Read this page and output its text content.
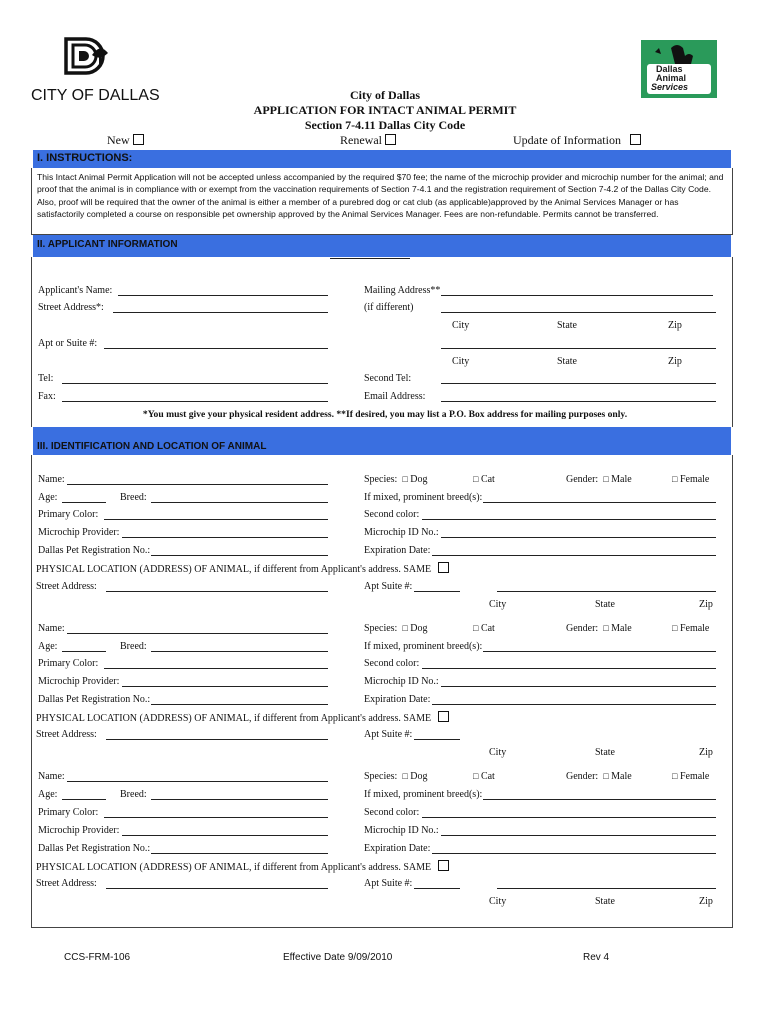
CITY OF DALLAS
Dallas
Animal
Services
City of Dallas
APPLICATION FOR INTACT ANIMAL PERMIT
Section 7-4.11 Dallas City Code
New	Renewal	Update of Information
I. INSTRUCTIONS:
This Intact Animal Permit Application will not be accepted unless accompanied by the required $70 fee; the name of the microchip provider and microchip number for the animal; and proof that the animal is in compliance with or exempt from the vaccination requirements of Section 7-4.1 and the registration requirement of Section 7-4.2 of the Dallas City Code. Also, proof will be required that the owner of the animal is either a member of a purebred dog or cat club (as applicable)approved by the Animal Services Manager or has satisfactorily completed a course on responsible pet ownership approved by the Animal Services Manager. Fees are non-refundable. Permits cannot be transferred.
II. APPLICANT INFORMATION
Applicant's Name:	Mailing Address**
Street Address*:	(if different)
City	State	Zip
Apt or Suite #:
City	State	Zip
Tel:	Second Tel:
Fax:	Email Address:
*You must give your physical resident address. **If desired, you may list a P.O. Box address for mailing purposes only.
III. IDENTIFICATION AND LOCATION OF ANIMAL
Name:	Species: □ Dog	□ Cat	Gender: □ Male	□ Female
Age:	Breed:	If mixed, prominent breed(s):
Primary Color:	Second color:
Microchip Provider:	Microchip ID No.:
Dallas Pet Registration No.:	Expiration Date:
PHYSICAL LOCATION (ADDRESS) OF ANIMAL, if different from Applicant's address. SAME
Street Address:	Apt Suite #:
City	State	Zip
Name:	Species: □ Dog	□ Cat	Gender: □ Male	□ Female
Age:	Breed:	If mixed, prominent breed(s):
Primary Color:	Second color:
Microchip Provider:	Microchip ID No.:
Dallas Pet Registration No.:	Expiration Date:
PHYSICAL LOCATION (ADDRESS) OF ANIMAL, if different from Applicant's address. SAME
Street Address:	Apt Suite #:
City	State	Zip
Name:	Species: □ Dog	□ Cat	Gender: □ Male	□ Female
Age:	Breed:	If mixed, prominent breed(s):
Primary Color:	Second color:
Microchip Provider:	Microchip ID No.:
Dallas Pet Registration No.:	Expiration Date:
PHYSICAL LOCATION (ADDRESS) OF ANIMAL, if different from Applicant's address. SAME
Street Address:	Apt Suite #:
City	State	Zip
CCS-FRM-106	Effective Date 9/09/2010	Rev 4
